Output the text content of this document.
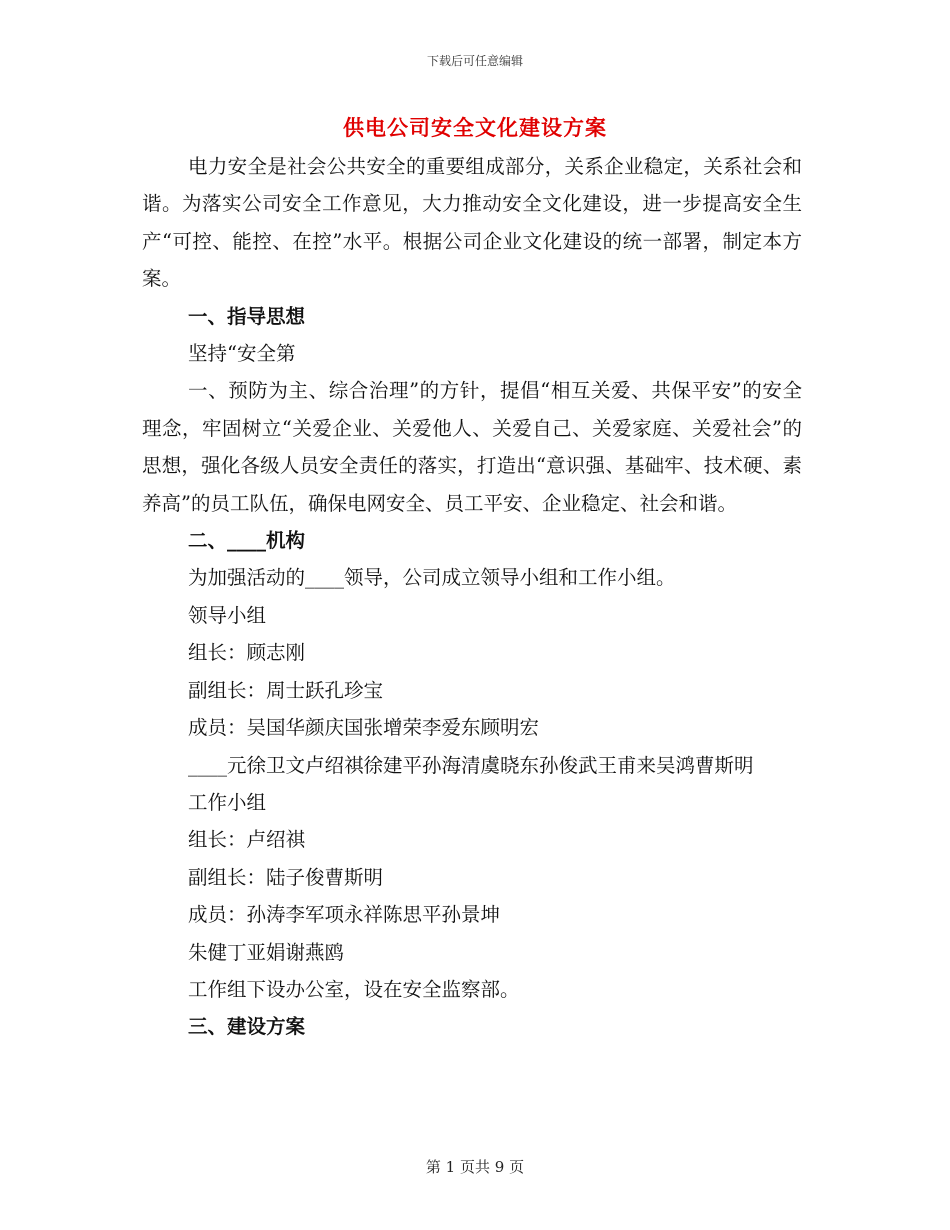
下载后可任意编辑
供电公司安全文化建设方案

电力安全是社会公共安全的重要组成部分，关系企业稳定，关系社会和谐。为落实公司安全工作意见，大力推动安全文化建设，进一步提高安全生产“可控、能控、在控”水平。根据公司企业文化建设的统一部署，制定本方案。

一、指导思想

坚持“安全第

一、预防为主、综合治理”的方针，提倡“相互关爱、共保平安”的安全理念，牢固树立“关爱企业、关爱他人、关爱自己、关爱家庭、关爱社会”的思想，强化各级人员安全责任的落实，打造出“意识强、基础牢、技术硬、素养高”的员工队伍，确保电网安全、员工平安、企业稳定、社会和谐。

二、____机构

为加强活动的____领导，公司成立领导小组和工作小组。

领导小组

组长：顾志刚

副组长：周士跃孔珍宝

成员：吴国华颜庆国张增荣李爱东顾明宏

____元徐卫文卢绍祺徐建平孙海清虞晓东孙俊武王甫来吴鸿曹斯明

工作小组

组长：卢绍祺

副组长：陆子俊曹斯明

成员：孙涛李军项永祥陈思平孙景坤

朱健丁亚娟谢燕鸥

工作组下设办公室，设在安全监察部。

三、建设方案

第 1 页共 9 页
